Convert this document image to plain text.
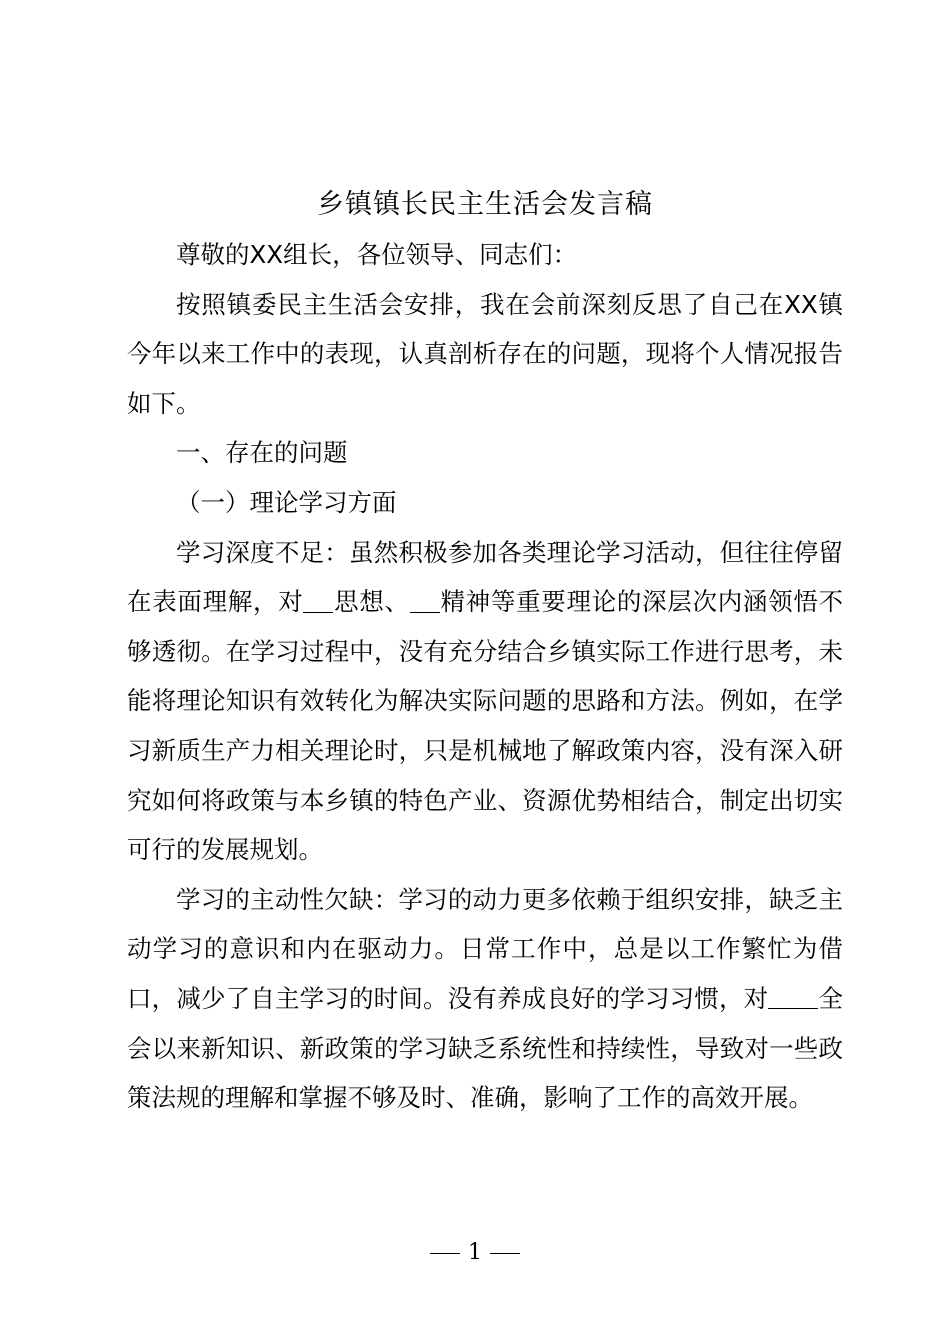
乡镇镇长民主生活会发言稿

尊敬的XX组长，各位领导、同志们：

按照镇委民主生活会安排，我在会前深刻反思了自己在XX镇今年以来工作中的表现，认真剖析存在的问题，现将个人情况报告如下。

一、存在的问题

（一）理论学习方面

学习深度不足：虽然积极参加各类理论学习活动，但往往停留在表面理解，对 思想、 精神等重要理论的深层次内涵领悟不够透彻。在学习过程中，没有充分结合乡镇实际工作进行思考，未能将理论知识有效转化为解决实际问题的思路和方法。例如，在学习新质生产力相关理论时，只是机械地了解政策内容，没有深入研究如何将政策与本乡镇的特色产业、资源优势相结合，制定出切实可行的发展规划。

学习的主动性欠缺：学习的动力更多依赖于组织安排，缺乏主动学习的意识和内在驱动力。日常工作中，总是以工作繁忙为借口，减少了自主学习的时间。没有养成良好的学习习惯，对 全会以来新知识、新政策的学习缺乏系统性和持续性，导致对一些政策法规的理解和掌握不够及时、准确，影响了工作的高效开展。

1
